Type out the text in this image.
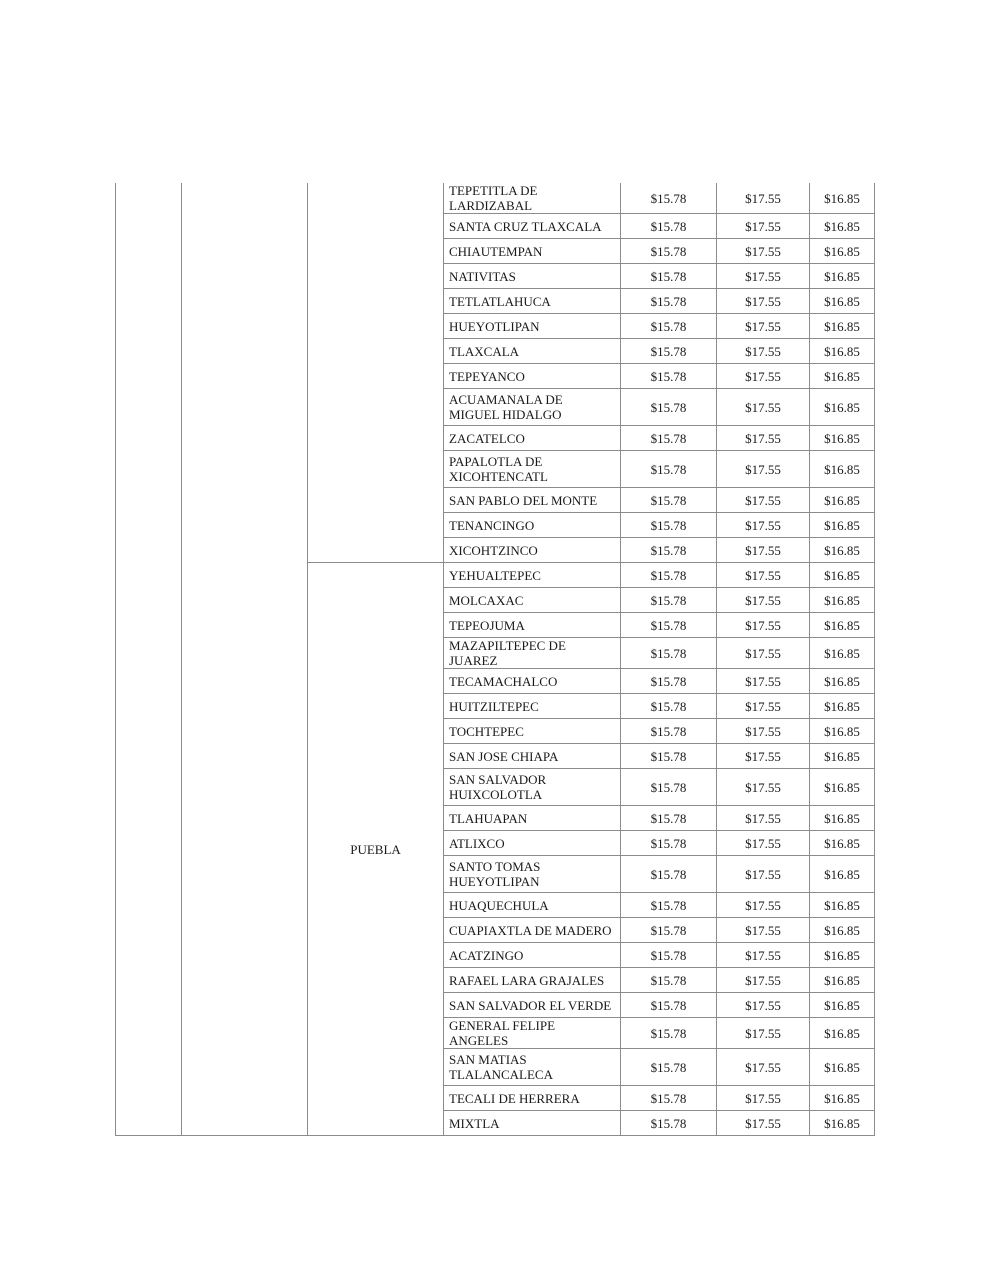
			TEPETITLA DE LARDIZABAL	$15.78	$17.55	$16.85
			SANTA CRUZ TLAXCALA	$15.78	$17.55	$16.85
			CHIAUTEMPAN	$15.78	$17.55	$16.85
			NATIVITAS	$15.78	$17.55	$16.85
			TETLATLAHUCA	$15.78	$17.55	$16.85
			HUEYOTLIPAN	$15.78	$17.55	$16.85
			TLAXCALA	$15.78	$17.55	$16.85
			TEPEYANCO	$15.78	$17.55	$16.85
			ACUAMANALA DE MIGUEL HIDALGO	$15.78	$17.55	$16.85
			ZACATELCO	$15.78	$17.55	$16.85
			PAPALOTLA DE XICOHTENCATL	$15.78	$17.55	$16.85
			SAN PABLO DEL MONTE	$15.78	$17.55	$16.85
			TENANCINGO	$15.78	$17.55	$16.85
			XICOHTZINCO	$15.78	$17.55	$16.85
		PUEBLA	YEHUALTEPEC	$15.78	$17.55	$16.85
			MOLCAXAC	$15.78	$17.55	$16.85
			TEPEOJUMA	$15.78	$17.55	$16.85
			MAZAPILTEPEC DE JUAREZ	$15.78	$17.55	$16.85
			TECAMACHALCO	$15.78	$17.55	$16.85
			HUITZILTEPEC	$15.78	$17.55	$16.85
			TOCHTEPEC	$15.78	$17.55	$16.85
			SAN JOSE CHIAPA	$15.78	$17.55	$16.85
			SAN SALVADOR HUIXCOLOTLA	$15.78	$17.55	$16.85
			TLAHUAPAN	$15.78	$17.55	$16.85
			ATLIXCO	$15.78	$17.55	$16.85
			SANTO TOMAS HUEYOTLIPAN	$15.78	$17.55	$16.85
			HUAQUECHULA	$15.78	$17.55	$16.85
			CUAPIAXTLA DE MADERO	$15.78	$17.55	$16.85
			ACATZINGO	$15.78	$17.55	$16.85
			RAFAEL LARA GRAJALES	$15.78	$17.55	$16.85
			SAN SALVADOR EL VERDE	$15.78	$17.55	$16.85
			GENERAL FELIPE ANGELES	$15.78	$17.55	$16.85
			SAN MATIAS TLALANCALECA	$15.78	$17.55	$16.85
			TECALI DE HERRERA	$15.78	$17.55	$16.85
			MIXTLA	$15.78	$17.55	$16.85
